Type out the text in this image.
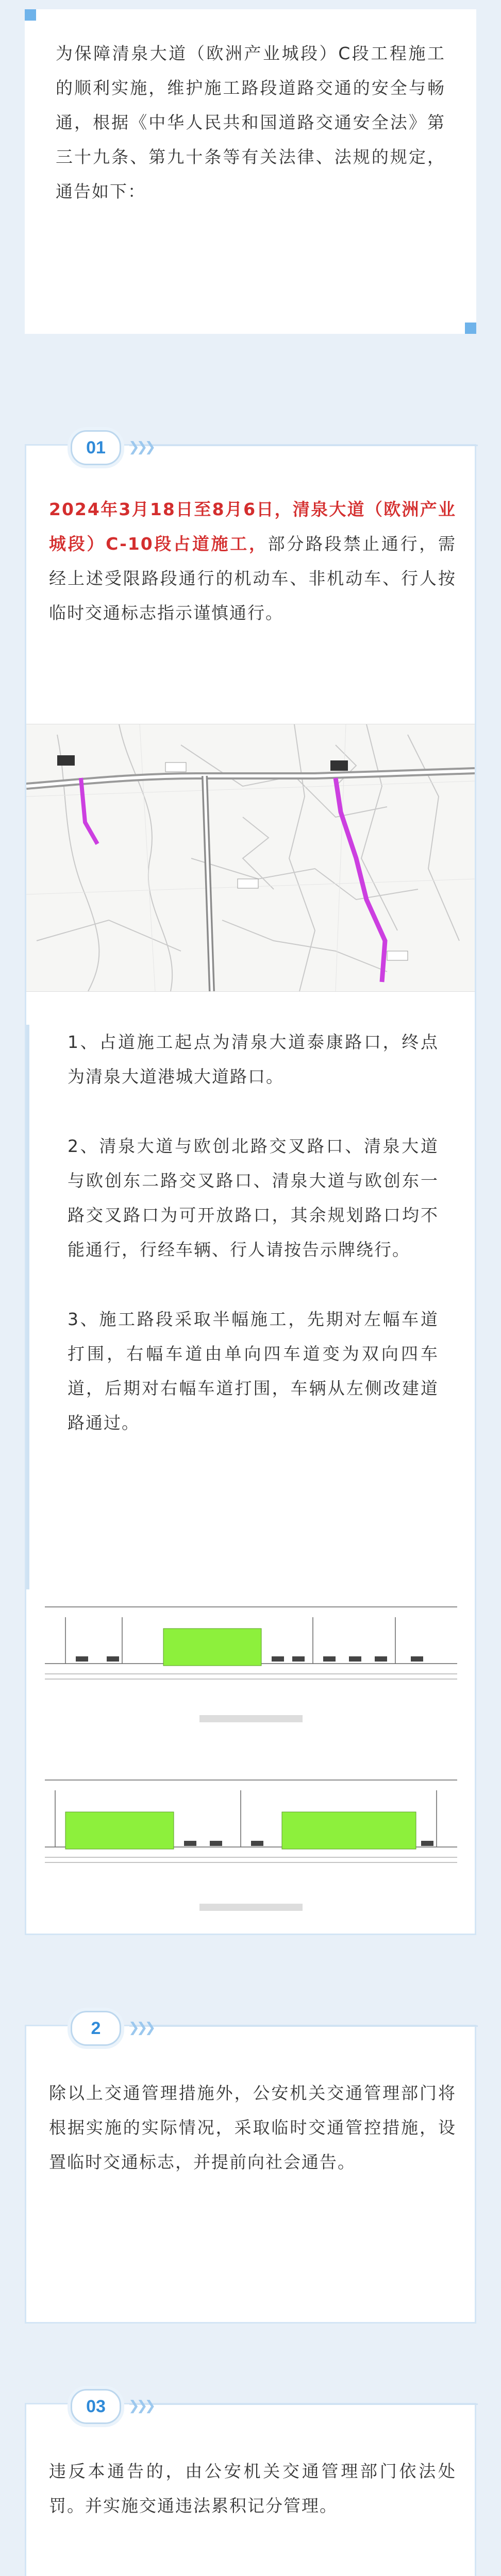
为保障清泉大道（欧洲产业城段）C段工程施工的顺利实施，维护施工路段道路交通的安全与畅通，根据《中华人民共和国道路交通安全法》第三十九条、第九十条等有关法律、法规的规定，通告如下：

01 ❯❯❯

2024年3月18日至8月6日，清泉大道（欧洲产业城段）C-10段占道施工，部分路段禁止通行，需经上述受限路段通行的机动车、非机动车、行人按临时交通标志指示谨慎通行。

1、占道施工起点为清泉大道泰康路口，终点为清泉大道港城大道路口。

2、清泉大道与欧创北路交叉路口、清泉大道与欧创东二路交叉路口、清泉大道与欧创东一路交叉路口为可开放路口，其余规划路口均不能通行，行经车辆、行人请按告示牌绕行。

3、施工路段采取半幅施工，先期对左幅车道打围，右幅车道由单向四车道变为双向四车道，后期对右幅车道打围，车辆从左侧改建道路通过。

2 ❯❯❯

除以上交通管理措施外，公安机关交通管理部门将根据实施的实际情况，采取临时交通管控措施，设置临时交通标志，并提前向社会通告。

03 ❯❯❯

违反本通告的，由公安机关交通管理部门依法处罚。并实施交通违法累积记分管理。
